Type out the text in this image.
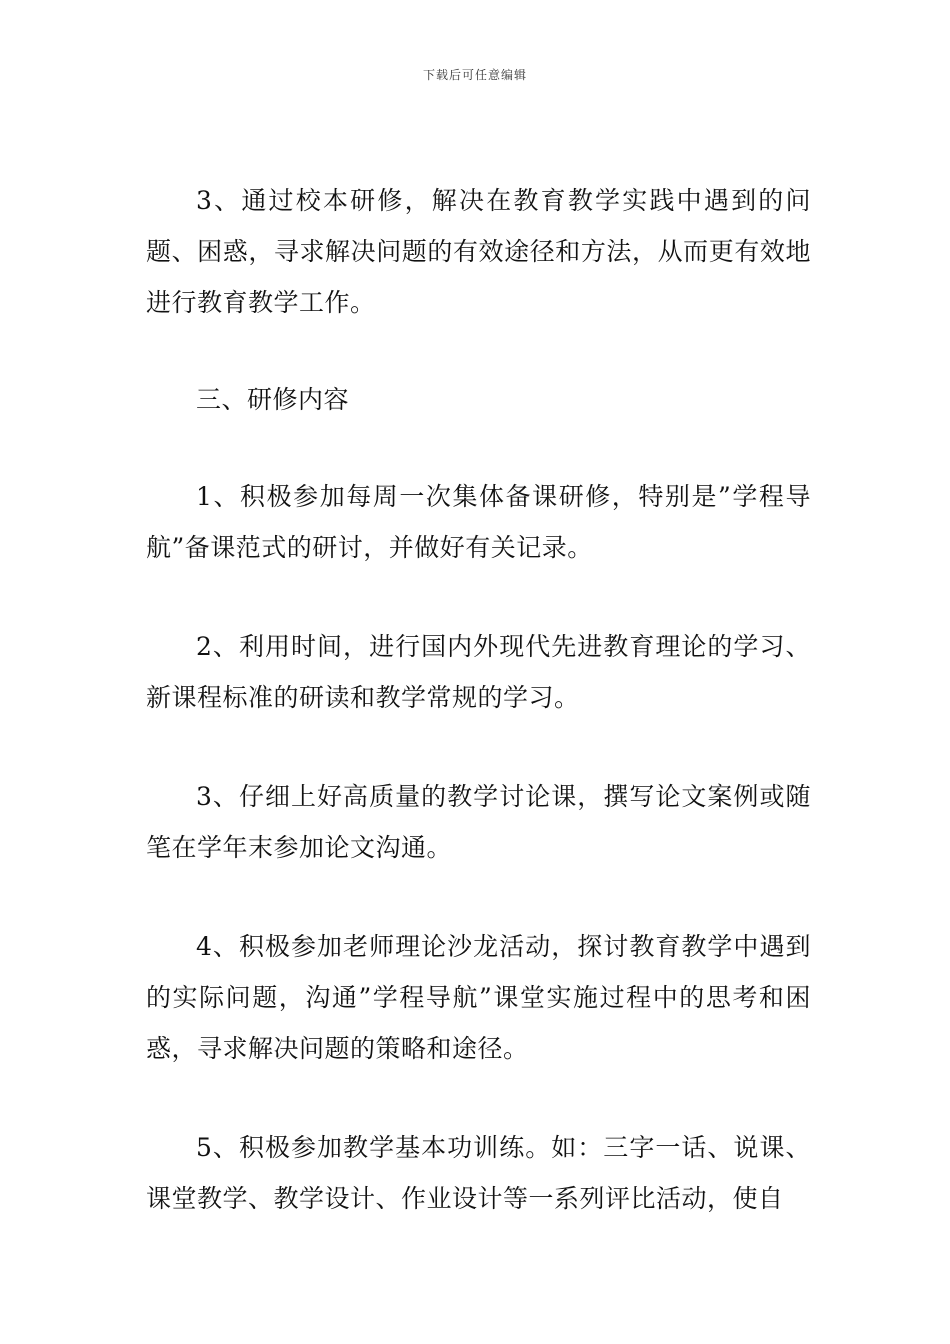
下载后可任意编辑

3、通过校本研修，解决在教育教学实践中遇到的问题、困惑，寻求解决问题的有效途径和方法，从而更有效地进行教育教学工作。

三、研修内容

1、积极参加每周一次集体备课研修，特别是”学程导航”备课范式的研讨，并做好有关记录。

2、利用时间，进行国内外现代先进教育理论的学习、新课程标准的研读和教学常规的学习。

3、仔细上好高质量的教学讨论课，撰写论文案例或随笔在学年末参加论文沟通。

4、积极参加老师理论沙龙活动，探讨教育教学中遇到的实际问题，沟通”学程导航”课堂实施过程中的思考和困惑，寻求解决问题的策略和途径。

5、积极参加教学基本功训练。如：三字一话、说课、课堂教学、教学设计、作业设计等一系列评比活动，使自
